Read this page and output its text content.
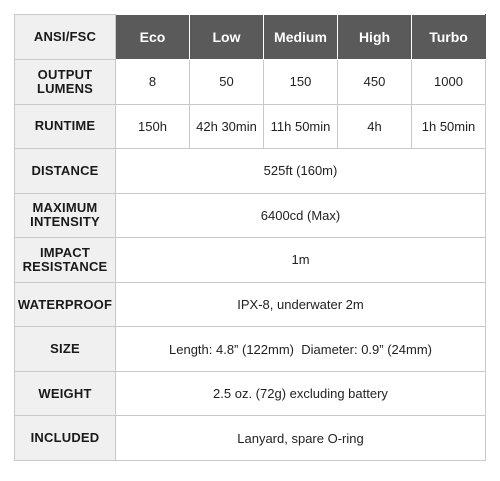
ANSI/FSC	Eco	Low	Medium	High	Turbo

OUTPUT
LUMENS	8	50	150	450	1000
RUNTIME	150h	42h 30min	11h 50min	4h	1h 50min
DISTANCE	525ft (160m)				

MAXIMUM
INTENSITY	6400cd (Max)				

IMPACT
RESISTANCE	1m				
WATERPROOF	IPX-8, underwater 2m				
SIZE	Length: 4.8” (122mm)  Diameter: 0.9” (24mm)				
WEIGHT	2.5 oz. (72g) excluding battery				
INCLUDED	Lanyard, spare O-ring				
